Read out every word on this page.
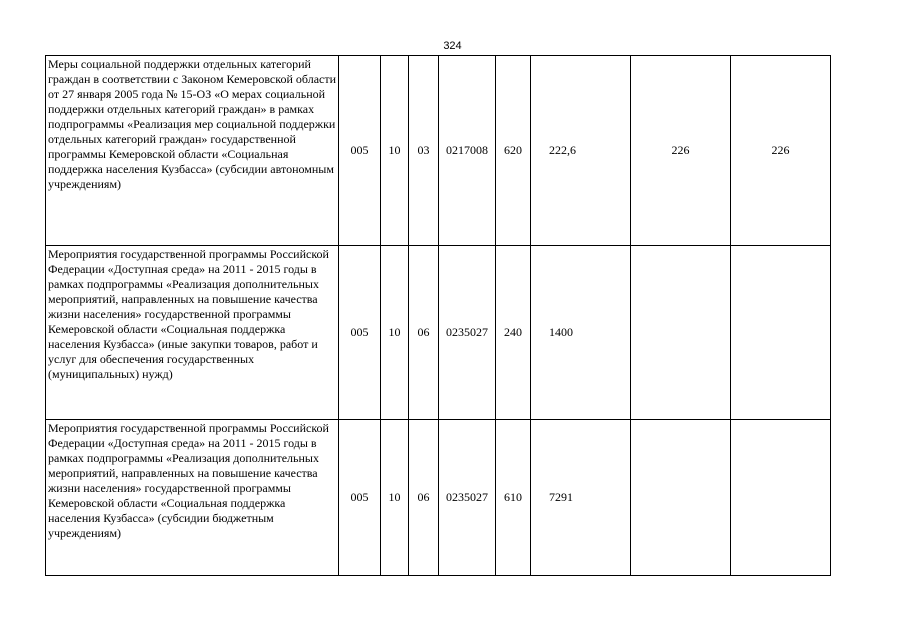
324
Меры социальной поддержки отдельных категорий граждан в соответствии с Законом Кемеровской области от 27 января 2005 года № 15-ОЗ «О мерах социальной поддержки отдельных категорий граждан» в рамках подпрограммы «Реализация мер социальной поддержки отдельных категорий граждан» государственной программы Кемеровской области «Социальная поддержка населения Кузбасса» (субсидии автономным учреждениям)	005	10	03	0217008	620	222,6	226	226
Мероприятия государственной программы Российской Федерации «Доступная среда» на 2011 - 2015 годы в рамках подпрограммы «Реализация дополнительных мероприятий, направленных на повышение качества жизни населения» государственной программы Кемеровской области «Социальная поддержка населения Кузбасса» (иные закупки товаров, работ и услуг для обеспечения государственных (муниципальных) нужд)	005	10	06	0235027	240	1400		
Мероприятия государственной программы Российской Федерации «Доступная среда» на 2011 - 2015 годы в рамках подпрограммы «Реализация дополнительных мероприятий, направленных на повышение качества жизни населения» государственной программы Кемеровской области «Социальная поддержка населения Кузбасса» (субсидии бюджетным учреждениям)	005	10	06	0235027	610	7291		
